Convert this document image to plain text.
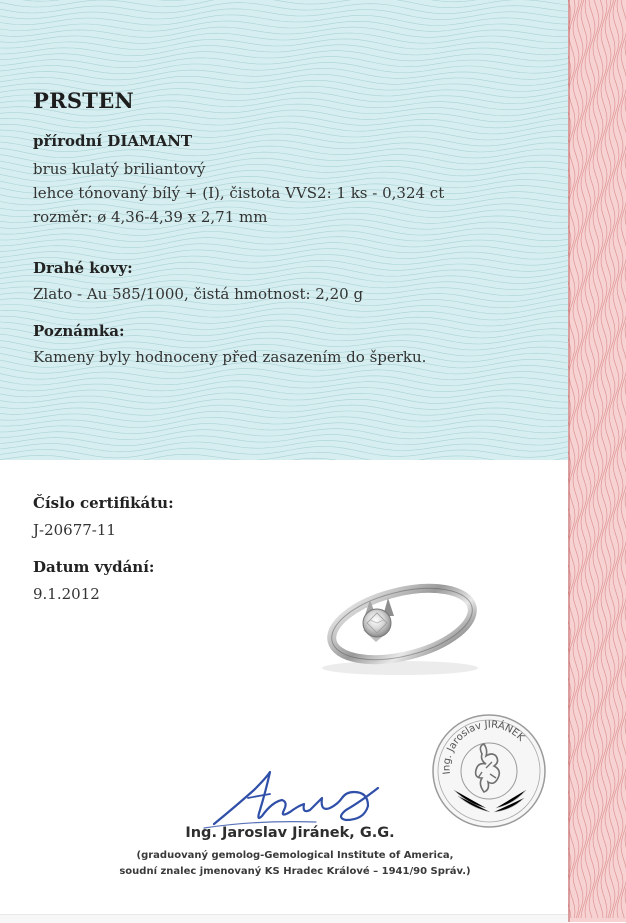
PRSTEN
přírodní DIAMANT
brus kulatý briliantový
lehce tónovaný bílý + (I), čistota VVS2: 1 ks - 0,324 ct
rozměr: ø 4,36-4,39 x 2,71 mm
Drahé kovy:
Zlato - Au 585/1000, čistá hmotnost: 2,20 g
Poznámka:
Kameny byly hodnoceny před zasazením do šperku.
Číslo certifikátu:
J-20677-11
Datum vydání:
9.1.2012
Ing. Jaroslav JIRÁNEK
Ing. Jaroslav Jiránek, G.G.
(graduovaný gemolog-Gemological Institute of America,
soudní znalec jmenovaný KS Hradec Králové – 1941/90 Správ.)
